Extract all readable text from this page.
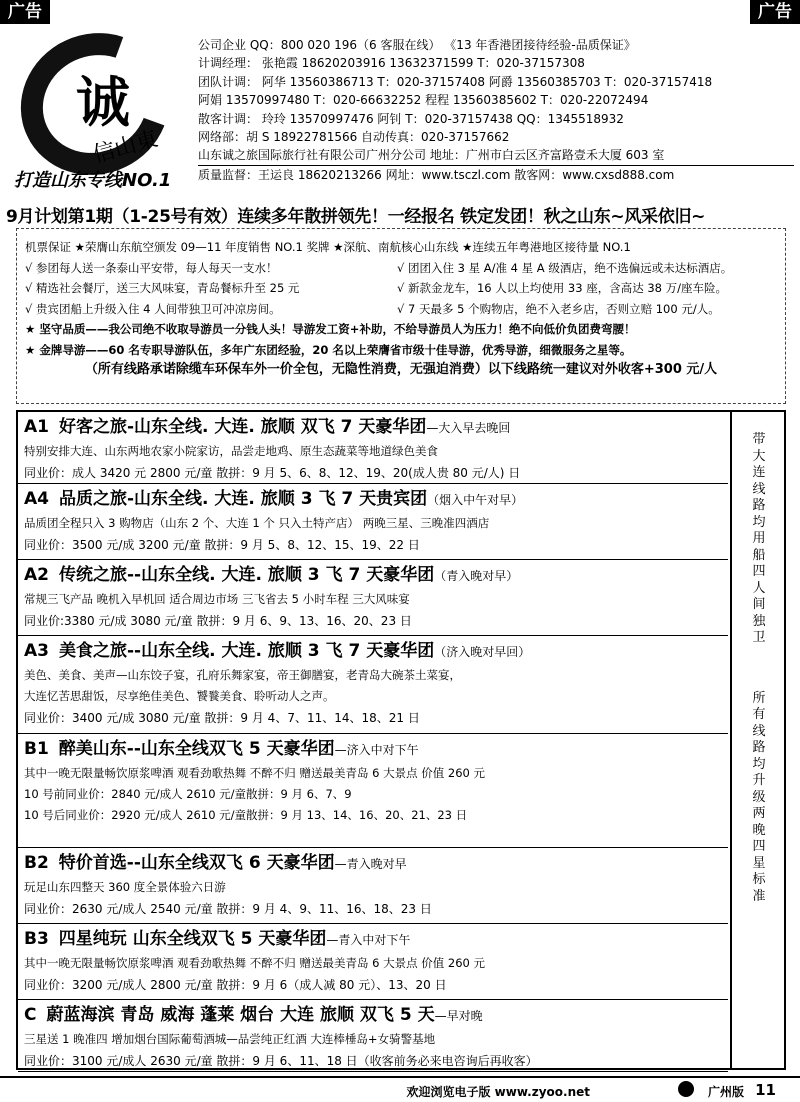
广告	广告
诚
信山東
打造山东专线NO.1
公司企业 QQ：800 020 196（6 客服在线） 《13 年香港团接待经验-品质保证》
计调经理： 张艳霞 18620203916 13632371599 T：020-37157308
团队计调： 阿华 13560386713 T：020-37157408 阿爵 13560385703 T：020-37157418
阿娟 13570997480 T：020-66632252 程程 13560385602 T：020-22072494
散客计调： 玲玲 13570997476 阿钊 T：020-37157438 QQ：1345518932
网络部：胡 S 18922781566 自动传真：020-37157662
山东诚之旅国际旅行社有限公司广州分公司 地址：广州市白云区齐富路壹禾大厦 603 室
质量监督：王运良 18620213266 网址：www.tsczl.com 散客网：www.cxsd888.com
9月计划第1期（1-25号有效）连续多年散拼领先！一经报名 铁定发团！秋之山东~风采依旧~
机票保证 ★荣膺山东航空颁发 09—11 年度销售 NO.1 奖牌 ★深航、南航核心山东线 ★连续五年粤港地区接待量 NO.1
√ 参团每人送一条泰山平安带，每人每天一支水！	√ 团团入住 3 星 A/准 4 星 A 级酒店，绝不选偏远或未达标酒店。
√ 精选社会餐厅，送三大风味宴，青岛餐标升至 25 元	√ 新款金龙车，16 人以上均使用 33 座，含高达 38 万/座车险。
√ 贵宾团船上升级入住 4 人间带独卫可冲凉房间。	√ 7 天最多 5 个购物店，绝不入老乡店，否则立赔 100 元/人。
★ 坚守品质——我公司绝不收取导游员一分钱人头！导游发工资+补助，不给导游员人为压力！绝不向低价负团费弯腰！
★ 金牌导游——60 名专职导游队伍，多年广东团经验，20 名以上荣膺省市级十佳导游，优秀导游，细微服务之星等。
（所有线路承诺除缆车环保车外一价全包，无隐性消费，无强迫消费）以下线路统一建议对外收客+300 元/人
A1 好客之旅-山东全线. 大连. 旅顺 双飞 7 天豪华团—大入早去晚回
特别安排大连、山东两地农家小院家访，品尝走地鸡、原生态蔬菜等地道绿色美食
同业价：成人 3420 元 2800 元/童 散拼：9 月 5、6、8、12、19、20(成人贵 80 元/人) 日
A4 品质之旅-山东全线. 大连. 旅顺 3 飞 7 天贵宾团（烟入中午对早）
品质团全程只入 3 购物店（山东 2 个、大连 1 个 只入土特产店） 两晚三星、三晚准四酒店
同业价：3500 元/成 3200 元/童 散拼：9 月 5、8、12、15、19、22 日
A2 传统之旅--山东全线. 大连. 旅顺 3 飞 7 天豪华团（青入晚对早）
常规三飞产品 晚机入早机回 适合周边市场 三飞省去 5 小时车程 三大风味宴
同业价:3380 元/成 3080 元/童 散拼：9 月 6、9、13、16、20、23 日
A3 美食之旅--山东全线. 大连. 旅顺 3 飞 7 天豪华团（济入晚对早回）
美色、美食、美声—山东饺子宴，孔府乐舞家宴，帝王御膳宴，老青岛大碗茶土菜宴，
大连忆苦思甜饭，尽享绝佳美色、饕餮美食、聆听动人之声。
同业价：3400 元/成 3080 元/童 散拼：9 月 4、7、11、14、18、21 日
B1 醉美山东--山东全线双飞 5 天豪华团—济入中对下午
其中一晚无限量畅饮原浆啤酒 观看劲歌热舞 不醉不归 赠送最美青岛 6 大景点 价值 260 元
10 号前同业价：2840 元/成人 2610 元/童散拼：9 月 6、7、9
10 号后同业价：2920 元/成人 2610 元/童散拼：9 月 13、14、16、20、21、23 日
B2 特价首选--山东全线双飞 6 天豪华团—青入晚对早
玩足山东四整天 360 度全景体验六日游
同业价：2630 元/成人 2540 元/童 散拼：9 月 4、9、11、16、18、23 日
B3 四星纯玩 山东全线双飞 5 天豪华团—青入中对下午
其中一晚无限量畅饮原浆啤酒 观看劲歌热舞 不醉不归 赠送最美青岛 6 大景点 价值 260 元
同业价：3200 元/成人 2800 元/童 散拼：9 月 6（成人减 80 元）、13、20 日
C 蔚蓝海滨 青岛 威海 蓬莱 烟台 大连 旅顺 双飞 5 天—早对晚
三星送 1 晚准四 增加烟台国际葡萄酒城—品尝纯正红酒 大连棒棰岛+女骑警基地
同业价：3100 元/成人 2630 元/童 散拼：9 月 6、11、18 日（收客前务必来电咨询后再收客）
带大连线路均用船四人间独卫
所有线路均升级两晚四星标准
欢迎浏览电子版 www.zyoo.net	广州版 11
